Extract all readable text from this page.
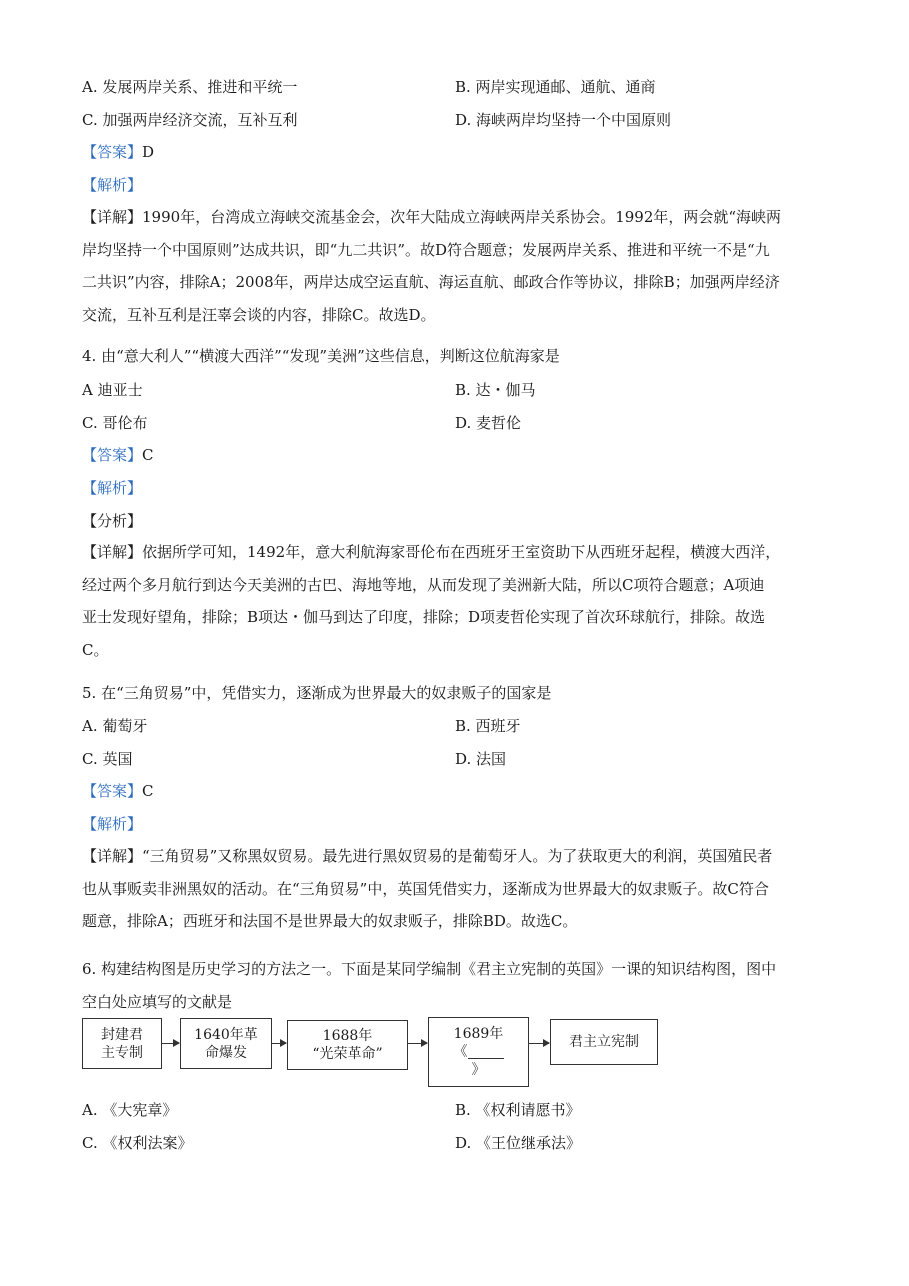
A. 发展两岸关系、推进和平统一	B. 两岸实现通邮、通航、通商
C. 加强两岸经济交流，互补互利	D. 海峡两岸均坚持一个中国原则
【答案】D
【解析】
【详解】1990年，台湾成立海峡交流基金会，次年大陆成立海峡两岸关系协会。1992年，两会就“海峡两
岸均坚持一个中国原则”达成共识，即“九二共识”。故D符合题意；发展两岸关系、推进和平统一不是“九
二共识”内容，排除A；2008年，两岸达成空运直航、海运直航、邮政合作等协议，排除B；加强两岸经济
交流，互补互利是汪辜会谈的内容，排除C。故选D。
4. 由“意大利人”“横渡大西洋”“发现”美洲”这些信息，判断这位航海家是
A 迪亚士	B. 达・伽马
C. 哥伦布	D. 麦哲伦
【答案】C
【解析】
【分析】
【详解】依据所学可知，1492年，意大利航海家哥伦布在西班牙王室资助下从西班牙起程，横渡大西洋，
经过两个多月航行到达今天美洲的古巴、海地等地，从而发现了美洲新大陆，所以C项符合题意；A项迪
亚士发现好望角，排除；B项达・伽马到达了印度，排除；D项麦哲伦实现了首次环球航行，排除。故选
C。
5. 在“三角贸易”中，凭借实力，逐渐成为世界最大的奴隶贩子的国家是
A. 葡萄牙	B. 西班牙
C. 英国	D. 法国
【答案】C
【解析】
【详解】“三角贸易”又称黑奴贸易。最先进行黑奴贸易的是葡萄牙人。为了获取更大的利润，英国殖民者
也从事贩卖非洲黑奴的活动。在“三角贸易”中，英国凭借实力，逐渐成为世界最大的奴隶贩子。故C符合
题意，排除A；西班牙和法国不是世界最大的奴隶贩子，排除BD。故选C。
6. 构建结构图是历史学习的方法之一。下面是某同学编制《君主立宪制的英国》一课的知识结构图，图中
空白处应填写的文献是
封建君
主专制
1640年革
命爆发
1688年
“光荣革命”
1689年
《
》
君主立宪制
A. 《大宪章》	B. 《权利请愿书》
C. 《权利法案》	D. 《王位继承法》
